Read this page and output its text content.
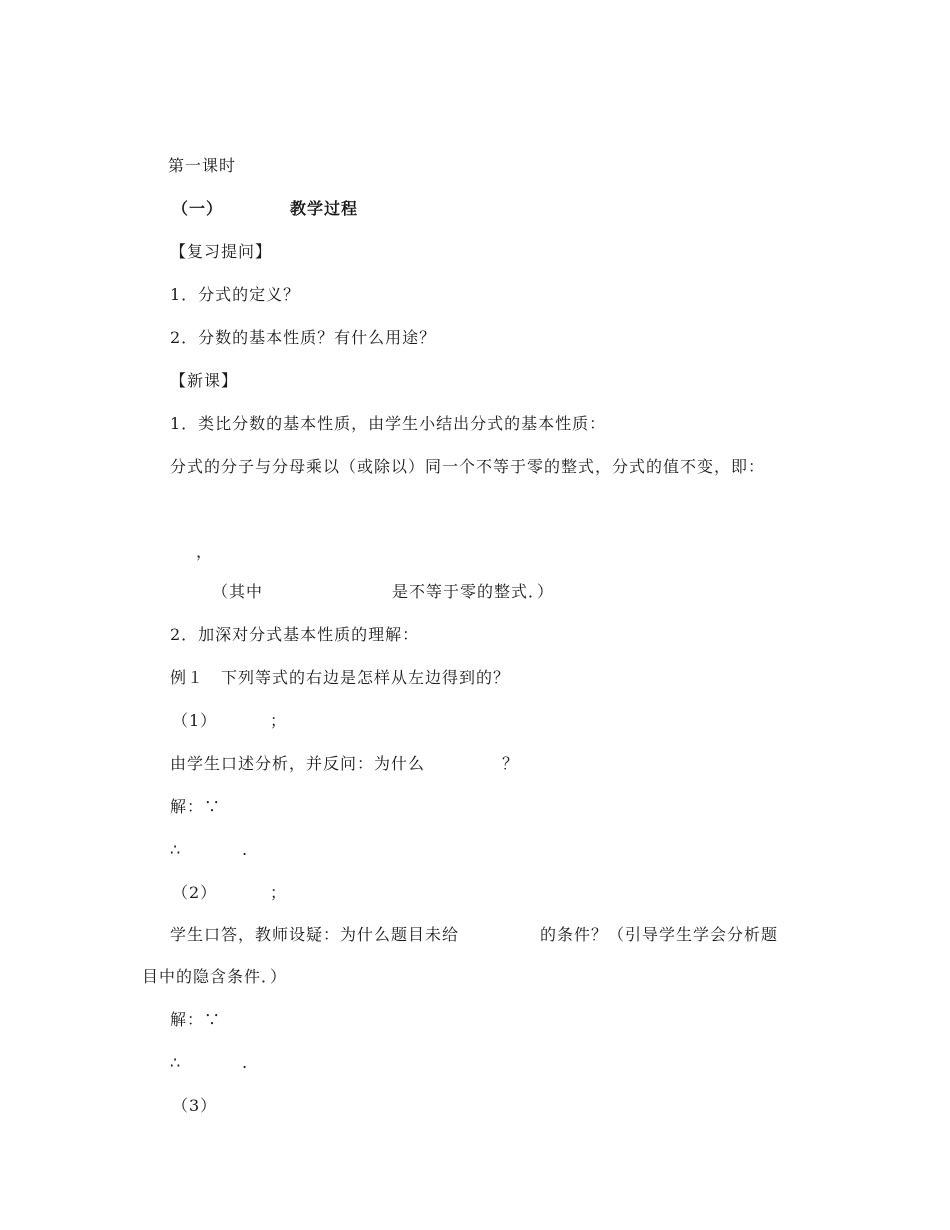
第一课时
（一）	教学过程
【复习提问】
1．分式的定义？
2．分数的基本性质？有什么用途？
【新课】
1．类比分数的基本性质，由学生小结出分式的基本性质：
分式的分子与分母乘以（或除以）同一个不等于零的整式，分式的值不变，即：
，
（其中	是不等于零的整式．）
2．加深对分式基本性质的理解：
例１　下列等式的右边是怎样从左边得到的？
（1）	；
由学生口述分析，并反问：为什么	？
解：∵
∴	.
（2）	；
学生口答，教师设疑：为什么题目未给	的条件？（引导学生学会分析题
目中的隐含条件．）
解：∵
∴	.
（3）
